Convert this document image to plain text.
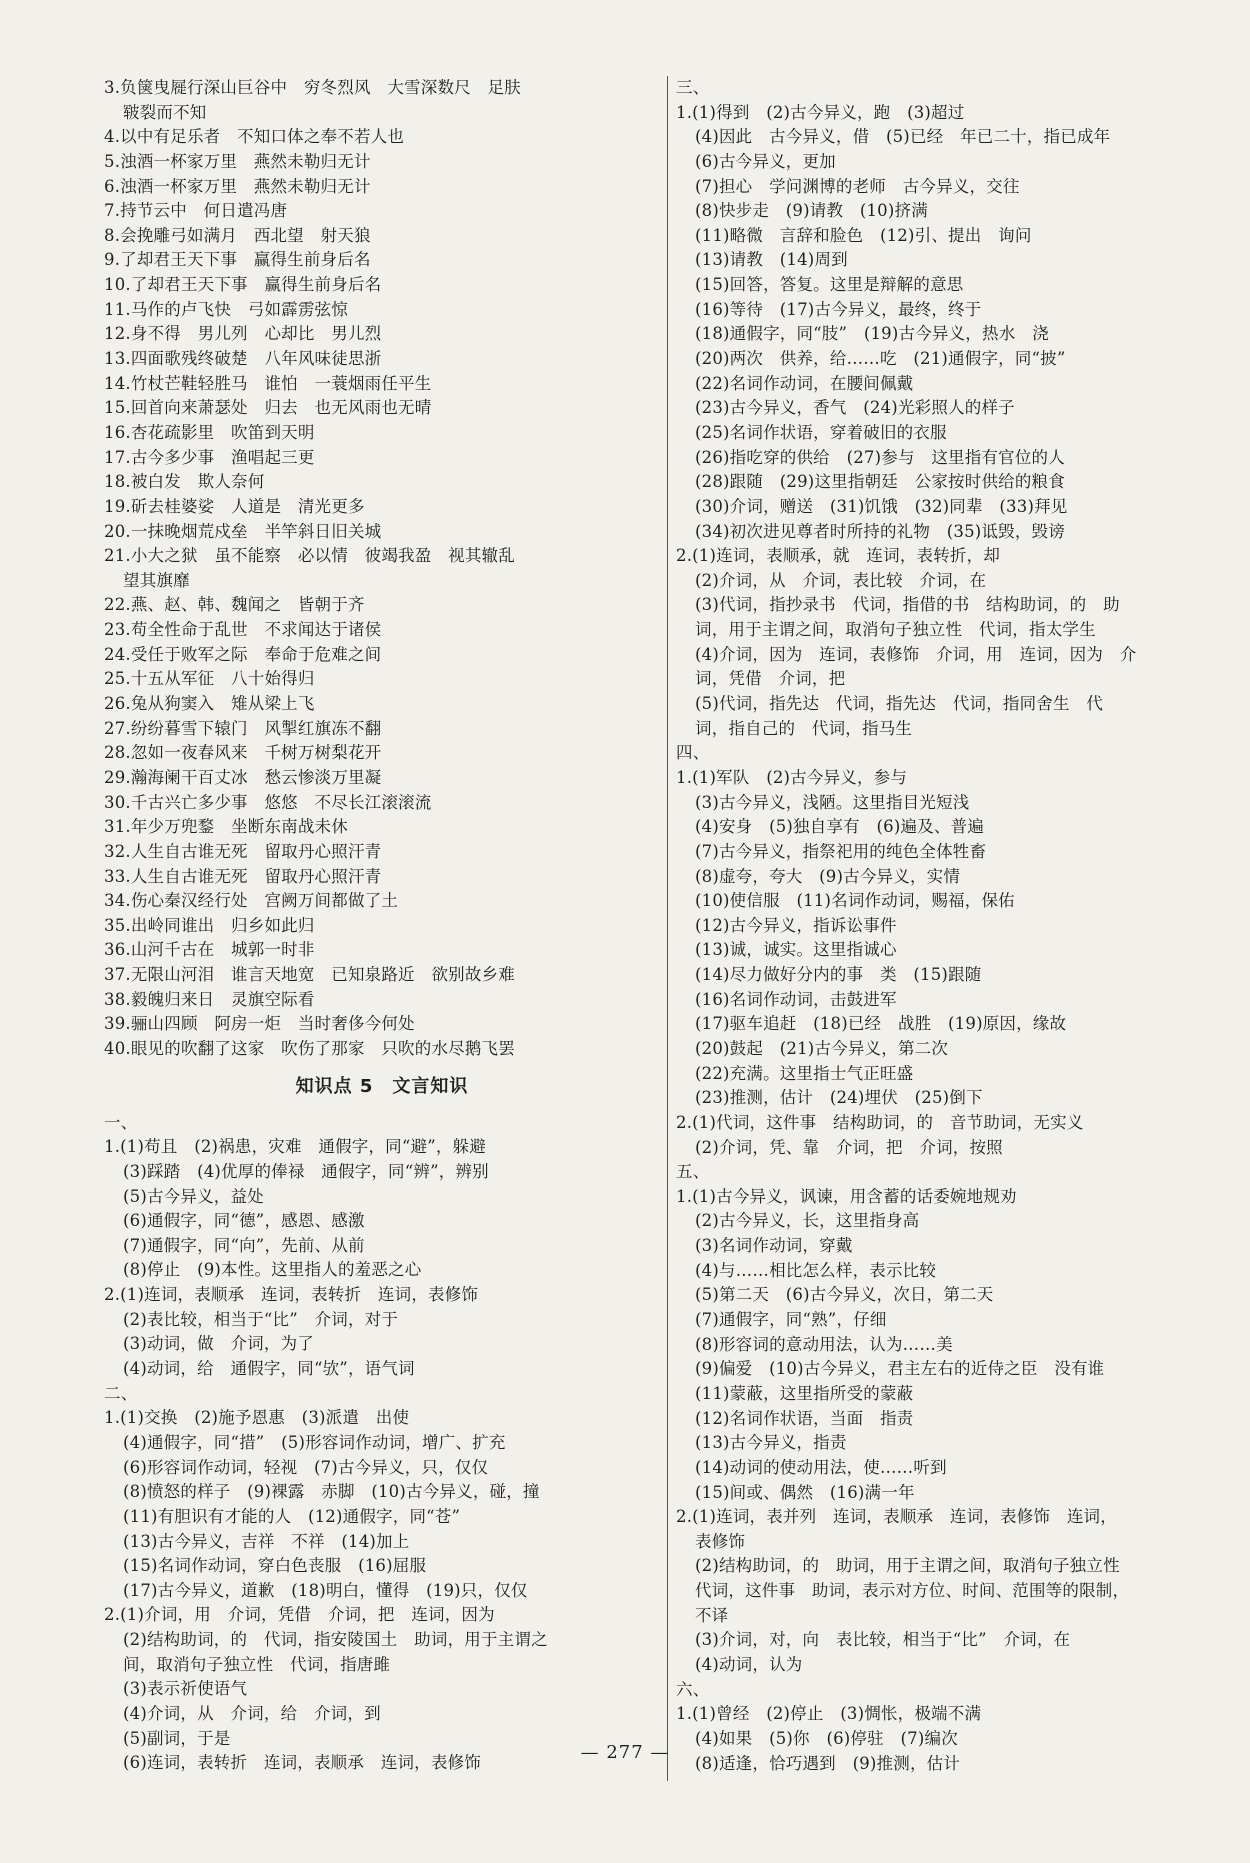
3.负箧曳屣行深山巨谷中　穷冬烈风　大雪深数尺　足肤
皲裂而不知
4.以中有足乐者　不知口体之奉不若人也
5.浊酒一杯家万里　燕然未勒归无计
6.浊酒一杯家万里　燕然未勒归无计
7.持节云中　何日遣冯唐
8.会挽雕弓如满月　西北望　射天狼
9.了却君王天下事　赢得生前身后名
10.了却君王天下事　赢得生前身后名
11.马作的卢飞快　弓如霹雳弦惊
12.身不得　男儿列　心却比　男儿烈
13.四面歌残终破楚　八年风味徒思浙
14.竹杖芒鞋轻胜马　谁怕　一蓑烟雨任平生
15.回首向来萧瑟处　归去　也无风雨也无晴
16.杏花疏影里　吹笛到天明
17.古今多少事　渔唱起三更
18.被白发　欺人奈何
19.斫去桂婆娑　人道是　清光更多
20.一抹晚烟荒戍垒　半竿斜日旧关城
21.小大之狱　虽不能察　必以情　彼竭我盈　视其辙乱
望其旗靡
22.燕、赵、韩、魏闻之　皆朝于齐
23.苟全性命于乱世　不求闻达于诸侯
24.受任于败军之际　奉命于危难之间
25.十五从军征　八十始得归
26.兔从狗窦入　雉从梁上飞
27.纷纷暮雪下辕门　风掣红旗冻不翻
28.忽如一夜春风来　千树万树梨花开
29.瀚海阑干百丈冰　愁云惨淡万里凝
30.千古兴亡多少事　悠悠　不尽长江滚滚流
31.年少万兜鍪　坐断东南战未休
32.人生自古谁无死　留取丹心照汗青
33.人生自古谁无死　留取丹心照汗青
34.伤心秦汉经行处　宫阙万间都做了土
35.出岭同谁出　归乡如此归
36.山河千古在　城郭一时非
37.无限山河泪　谁言天地宽　已知泉路近　欲别故乡难
38.毅魄归来日　灵旗空际看
39.骊山四顾　阿房一炬　当时奢侈今何处
40.眼见的吹翻了这家　吹伤了那家　只吹的水尽鹅飞罢
知识点 5　文言知识
一、
1.(1)苟且　(2)祸患，灾难　通假字，同“避”，躲避
(3)踩踏　(4)优厚的俸禄　通假字，同“辨”，辨别
(5)古今异义，益处
(6)通假字，同“德”，感恩、感激
(7)通假字，同“向”，先前、从前
(8)停止　(9)本性。这里指人的羞恶之心
2.(1)连词，表顺承　连词，表转折　连词，表修饰
(2)表比较，相当于“比”　介词，对于
(3)动词，做　介词，为了
(4)动词，给　通假字，同“欤”，语气词
二、
1.(1)交换　(2)施予恩惠　(3)派遣　出使
(4)通假字，同“措”　(5)形容词作动词，增广、扩充
(6)形容词作动词，轻视　(7)古今异义，只，仅仅
(8)愤怒的样子　(9)裸露　赤脚　(10)古今异义，碰，撞
(11)有胆识有才能的人　(12)通假字，同“苍”
(13)古今异义，吉祥　不祥　(14)加上
(15)名词作动词，穿白色丧服　(16)屈服
(17)古今异义，道歉　(18)明白，懂得　(19)只，仅仅
2.(1)介词，用　介词，凭借　介词，把　连词，因为
(2)结构助词，的　代词，指安陵国土　助词，用于主谓之
间，取消句子独立性　代词，指唐雎
(3)表示祈使语气
(4)介词，从　介词，给　介词，到
(5)副词，于是
(6)连词，表转折　连词，表顺承　连词，表修饰
三、
1.(1)得到　(2)古今异义，跑　(3)超过
(4)因此　古今异义，借　(5)已经　年已二十，指已成年
(6)古今异义，更加
(7)担心　学问渊博的老师　古今异义，交往
(8)快步走　(9)请教　(10)挤满
(11)略微　言辞和脸色　(12)引、提出　询问
(13)请教　(14)周到
(15)回答，答复。这里是辩解的意思
(16)等待　(17)古今异义，最终，终于
(18)通假字，同“肢”　(19)古今异义，热水　浇
(20)两次　供养，给……吃　(21)通假字，同“披”
(22)名词作动词，在腰间佩戴
(23)古今异义，香气　(24)光彩照人的样子
(25)名词作状语，穿着破旧的衣服
(26)指吃穿的供给　(27)参与　这里指有官位的人
(28)跟随　(29)这里指朝廷　公家按时供给的粮食
(30)介词，赠送　(31)饥饿　(32)同辈　(33)拜见
(34)初次进见尊者时所持的礼物　(35)诋毁，毁谤
2.(1)连词，表顺承，就　连词，表转折，却
(2)介词，从　介词，表比较　介词，在
(3)代词，指抄录书　代词，指借的书　结构助词，的　助
词，用于主谓之间，取消句子独立性　代词，指太学生
(4)介词，因为　连词，表修饰　介词，用　连词，因为　介
词，凭借　介词，把
(5)代词，指先达　代词，指先达　代词，指同舍生　代
词，指自己的　代词，指马生
四、
1.(1)军队　(2)古今异义，参与
(3)古今异义，浅陋。这里指目光短浅
(4)安身　(5)独自享有　(6)遍及、普遍
(7)古今异义，指祭祀用的纯色全体牲畜
(8)虚夸，夸大　(9)古今异义，实情
(10)使信服　(11)名词作动词，赐福，保佑
(12)古今异义，指诉讼事件
(13)诚，诚实。这里指诚心
(14)尽力做好分内的事　类　(15)跟随
(16)名词作动词，击鼓进军
(17)驱车追赶　(18)已经　战胜　(19)原因，缘故
(20)鼓起　(21)古今异义，第二次
(22)充满。这里指士气正旺盛
(23)推测，估计　(24)埋伏　(25)倒下
2.(1)代词，这件事　结构助词，的　音节助词，无实义
(2)介词，凭、靠　介词，把　介词，按照
五、
1.(1)古今异义，讽谏，用含蓄的话委婉地规劝
(2)古今异义，长，这里指身高
(3)名词作动词，穿戴
(4)与……相比怎么样，表示比较
(5)第二天　(6)古今异义，次日，第二天
(7)通假字，同“熟”，仔细
(8)形容词的意动用法，认为……美
(9)偏爱　(10)古今异义，君主左右的近侍之臣　没有谁
(11)蒙蔽，这里指所受的蒙蔽
(12)名词作状语，当面　指责
(13)古今异义，指责
(14)动词的使动用法，使……听到
(15)间或、偶然　(16)满一年
2.(1)连词，表并列　连词，表顺承　连词，表修饰　连词，
表修饰
(2)结构助词，的　助词，用于主谓之间，取消句子独立性
代词，这件事　助词，表示对方位、时间、范围等的限制，
不译
(3)介词，对，向　表比较，相当于“比”　介词，在
(4)动词，认为
六、
1.(1)曾经　(2)停止　(3)惆怅，极端不满
(4)如果　(5)你　(6)停驻　(7)编次
(8)适逢，恰巧遇到　(9)推测，估计
— 277 —
